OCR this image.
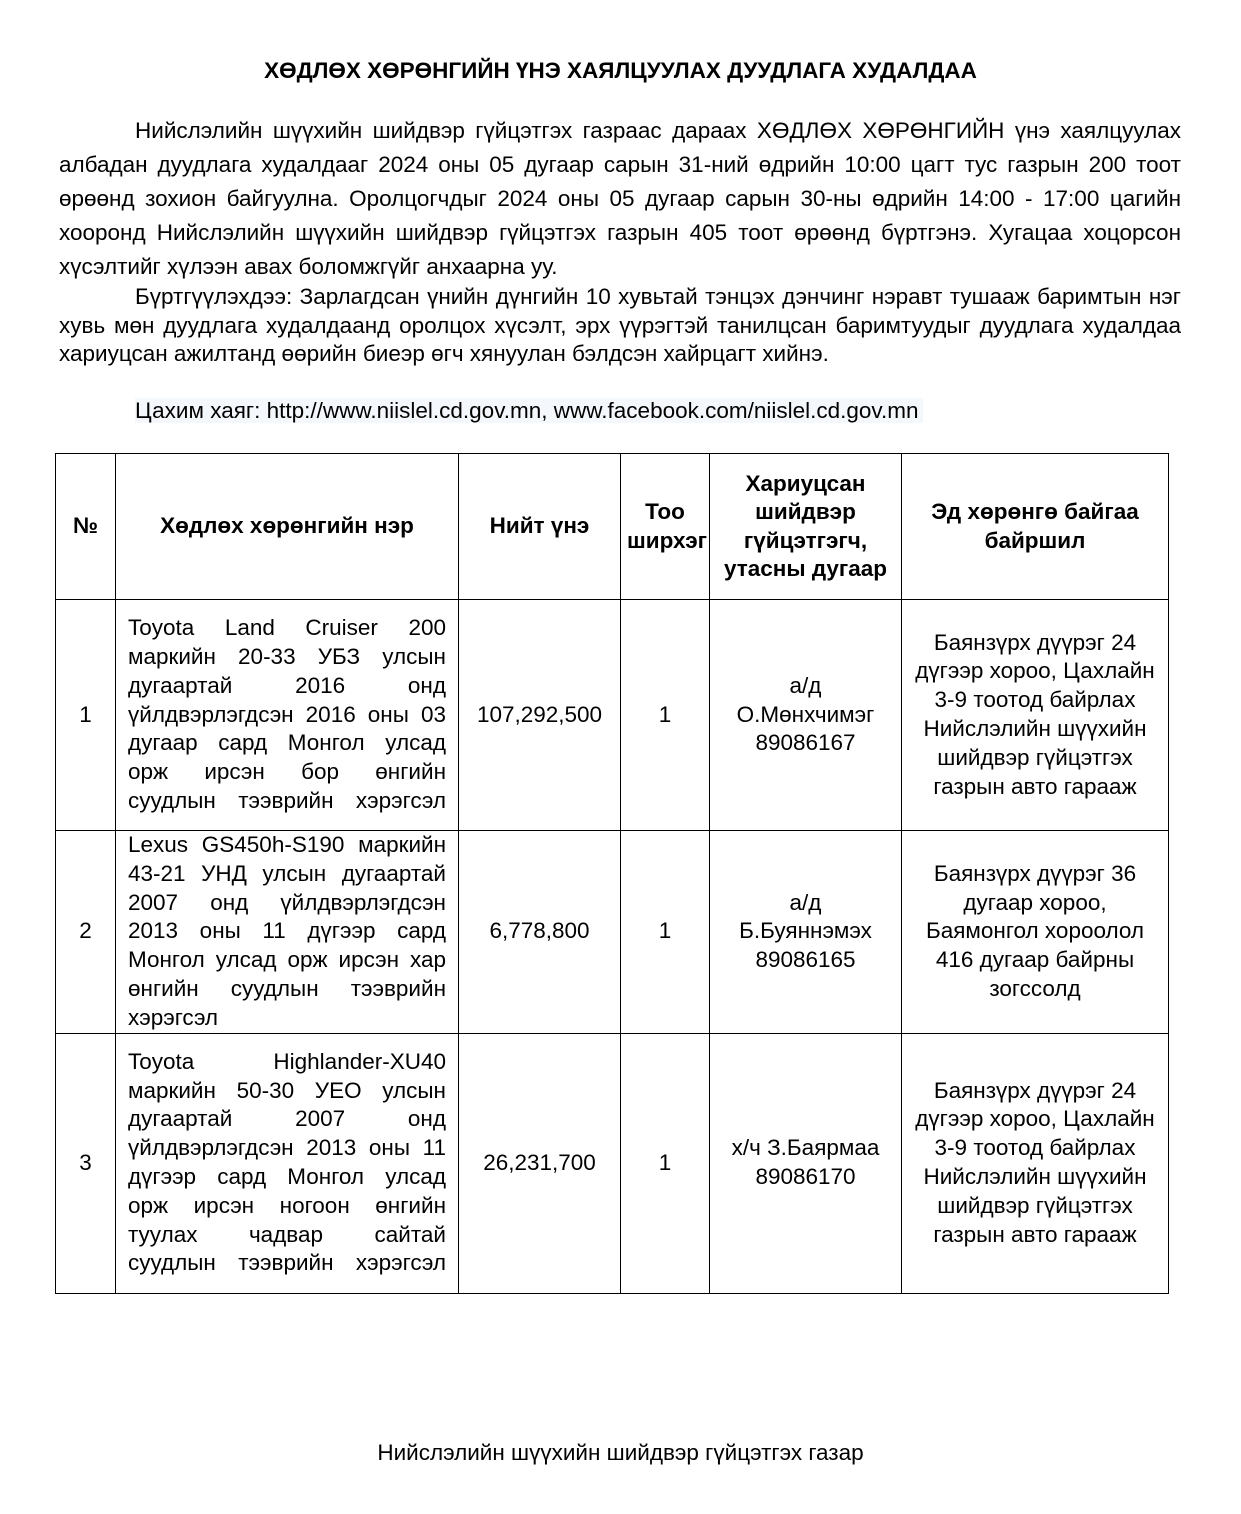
ХӨДЛӨХ ХӨРӨНГИЙН ҮНЭ ХАЯЛЦУУЛАХ ДУУДЛАГА ХУДАЛДАА
Нийслэлийн шүүхийн шийдвэр гүйцэтгэх газраас дараах ХӨДЛӨХ ХӨРӨНГИЙН үнэ хаялцуулах албадан дуудлага худалдааг 2024 оны 05 дугаар сарын 31-ний өдрийн 10:00 цагт тус газрын 200 тоот өрөөнд зохион байгуулна. Оролцогчдыг 2024 оны 05 дугаар сарын 30-ны өдрийн 14:00 - 17:00 цагийн хооронд Нийслэлийн шүүхийн шийдвэр гүйцэтгэх газрын 405 тоот өрөөнд бүртгэнэ. Хугацаа хоцорсон хүсэлтийг хүлээн авах боломжгүйг анхаарна уу.
Бүртгүүлэхдээ: Зарлагдсан үнийн дүнгийн 10 хувьтай тэнцэх дэнчинг нэравт тушааж баримтын нэг хувь мөн дуудлага худалдаанд оролцох хүсэлт, эрх үүрэгтэй танилцсан баримтуудыг дуудлага худалдаа хариуцсан ажилтанд өөрийн биеэр өгч хянуулан бэлдсэн хайрцагт хийнэ.
Цахим хаяг: http://www.niislel.cd.gov.mn, www.facebook.com/niislel.cd.gov.mn
№	Хөдлөх хөрөнгийн нэр	Нийт үнэ	Тоо ширхэг	Хариуцсан шийдвэр гүйцэтгэгч, утасны дугаар	Эд хөрөнгө байгаа байршил
1	Toyota Land Cruiser 200 маркийн 20-33 УБЗ улсын дугаартай 2016 онд үйлдвэрлэгдсэн 2016 оны 03 дугаар сард Монгол улсад орж ирсэн бор өнгийн суудлын тээврийн хэрэгсэл	107,292,500	1	а/д О.Мөнхчимэг 89086167	Баянзүрх дүүрэг 24 дүгээр хороо, Цахлайн 3-9 тоотод байрлах Нийслэлийн шүүхийн шийдвэр гүйцэтгэх газрын авто гараaж
2	Lexus GS450h-S190 маркийн 43-21 УНД улсын дугаартай 2007 онд үйлдвэрлэгдсэн 2013 оны 11 дүгээр сард Монгол улсад орж ирсэн хар өнгийн суудлын тээврийн хэрэгсэл	6,778,800	1	а/д Б.Буяннэмэх 89086165	Баянзүрх дүүрэг 36 дугаар хороо, Баямонгол хороолол 416 дугаар байрны зогссолд
3	Toyota Highlander-XU40 маркийн 50-30 УЕО улсын дугаартай 2007 онд үйлдвэрлэгдсэн 2013 оны 11 дүгээр сард Монгол улсад орж ирсэн ногоон өнгийн туулах чадвар сайтай суудлын тээврийн хэрэгсэл	26,231,700	1	х/ч З.Баярмаа 89086170	Баянзүрх дүүрэг 24 дүгээр хороо, Цахлайн 3-9 тоотод байрлах Нийслэлийн шүүхийн шийдвэр гүйцэтгэх газрын авто гараaж
Нийслэлийн шүүхийн шийдвэр гүйцэтгэх газар
